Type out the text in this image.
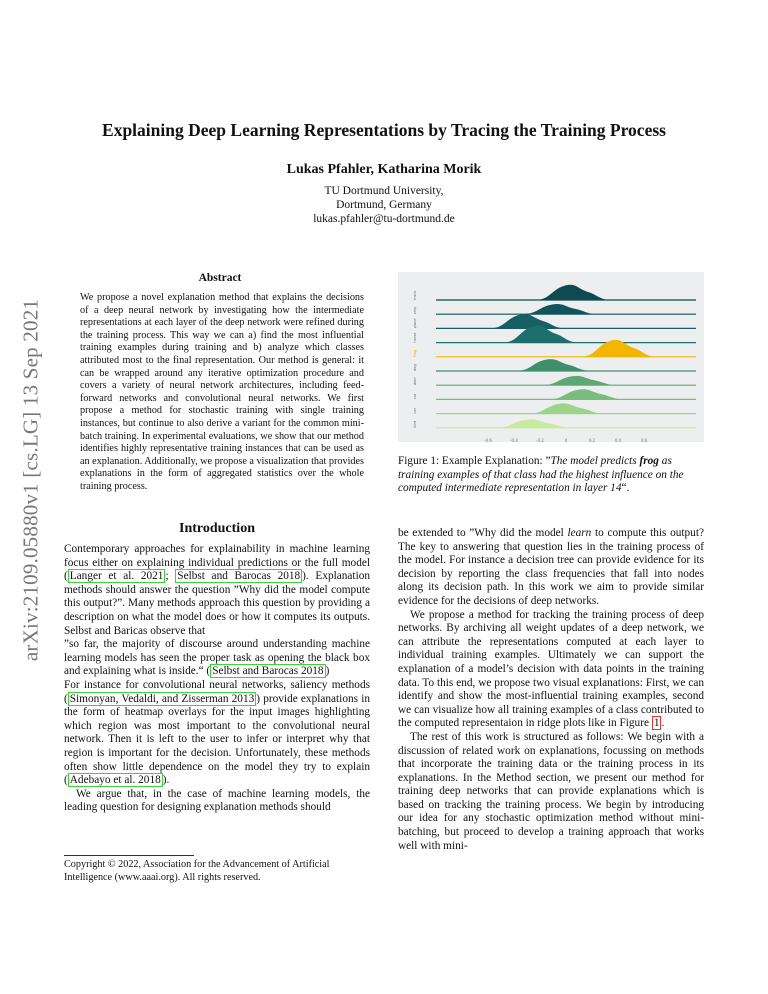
Explaining Deep Learning Representations by Tracing the Training Process
Lukas Pfahler, Katharina Morik
TU Dortmund University,
Dortmund, Germany
lukas.pfahler@tu-dortmund.de
arXiv:2109.05880v1 [cs.LG] 13 Sep 2021
Abstract
We propose a novel explanation method that explains the decisions of a deep neural network by investigating how the intermediate representations at each layer of the deep network were refined during the training process. This way we can a) find the most influential training examples during training and b) analyze which classes attributed most to the final representation. Our method is general: it can be wrapped around any iterative optimization procedure and covers a variety of neural network architectures, including feed-forward networks and convolutional neural networks. We first propose a method for stochastic training with single training instances, but continue to also derive a variant for the common mini-batch training. In experimental evaluations, we show that our method identifies highly representative training instances that can be used as an explanation. Additionally, we propose a visualization that provides explanations in the form of aggregated statistics over the whole training process.
Introduction

Contemporary approaches for explainability in machine learning focus either on explaining individual predictions or the full model ( Langer et al. 2021 ; Selbst and Barocas 2018 ). Explanation methods should answer the question ”Why did the model compute this output?”. Many methods approach this question by providing a description on what the model does or how it computes its outputs. Selbst and Baricas observe that

”so far, the majority of discourse around understanding machine learning models has seen the proper task as opening the black box and explaining what is inside.“ ( Selbst and Barocas 2018 )

For instance for convolutional neural networks, saliency methods ( Simonyan, Vedaldi, and Zisserman 2013 ) provide explanations in the form of heatmap overlays for the input images highlighting which region was most important to the convolutional neural network. Then it is left to the user to infer or interpret why that region is important for the decision. Unfortunately, these methods often show little dependence on the model they try to explain ( Adebayo et al. 2018 ).

We argue that, in the case of machine learning models, the leading question for designing explanation methods should

Copyright © 2022, Association for the Advancement of Artificial Intelligence (www.aaai.org). All rights reserved.
truck
ship
plane
horse
frog
dog
deer
cat
car
bird
-0.6	-0.4	-0.2	0	0.2	0.4	0.6
Figure 1: Example Explanation: ”The model predicts frog as training examples of that class had the highest influence on the computed intermediate representation in layer 14“.

be extended to ”Why did the model learn to compute this output? The key to answering that question lies in the training process of the model. For instance a decision tree can provide evidence for its decision by reporting the class frequencies that fall into nodes along its decision path. In this work we aim to provide similar evidence for the decisions of deep networks.

We propose a method for tracking the training process of deep networks. By archiving all weight updates of a deep network, we can attribute the representations computed at each layer to individual training examples. Ultimately we can support the explanation of a model’s decision with data points in the training data. To this end, we propose two visual explanations: First, we can identify and show the most-influential training examples, second we can visualize how all training examples of a class contributed to the computed representaion in ridge plots like in Figure 1 .

The rest of this work is structured as follows: We begin with a discussion of related work on explanations, focussing on methods that incorporate the training data or the training process in its explanations. In the Method section, we present our method for training deep networks that can provide explanations which is based on tracking the training process. We begin by introducing our idea for any stochastic optimization method without mini-batching, but proceed to develop a training approach that works well with mini-
